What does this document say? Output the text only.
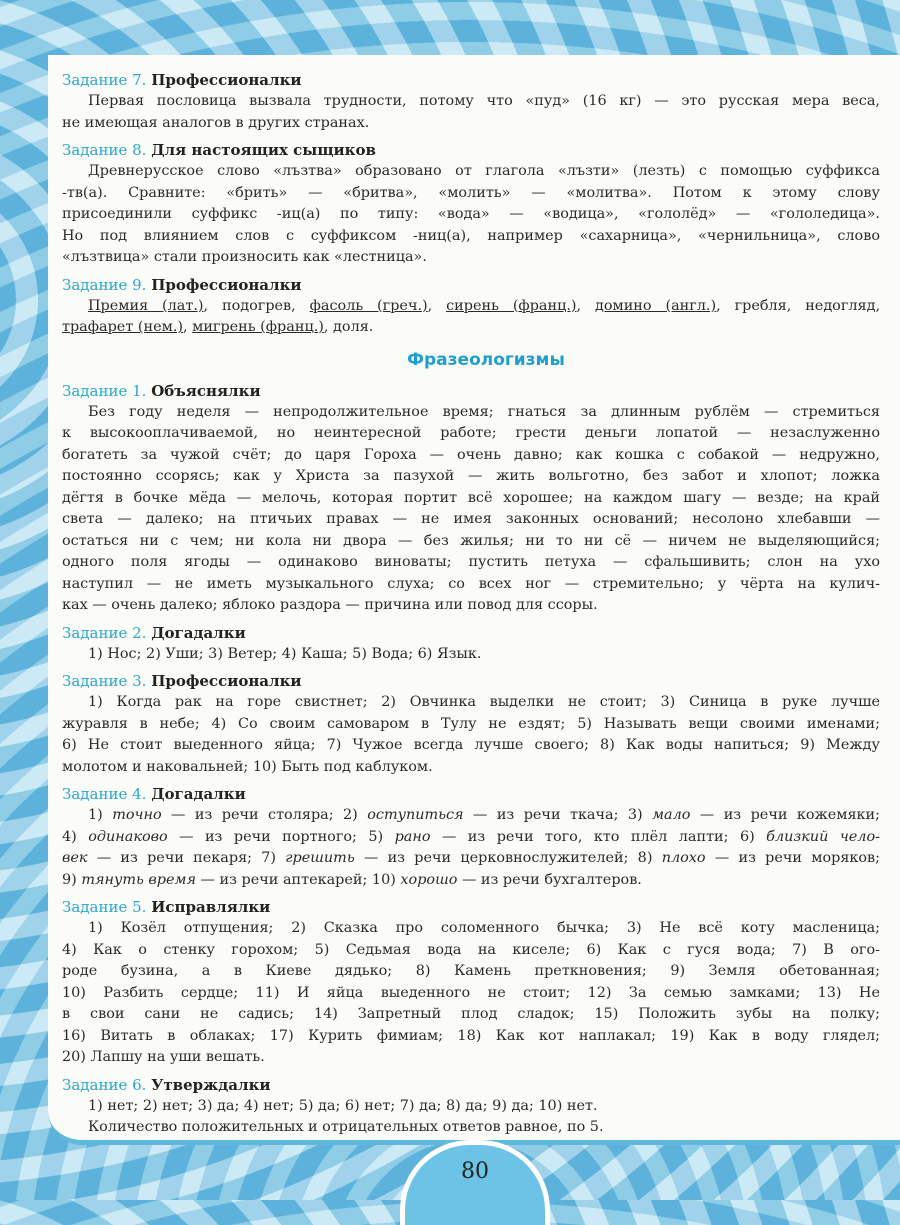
Задание 7. Профессионалки
Первая пословица вызвала трудности, потому что «пуд» (16 кг) — это русская мера веса,
не имеющая аналогов в других странах.
Задание 8. Для настоящих сыщиков
Древнерусское слово «лъзтва» образовано от глагола «лъзти» (лезть) с помощью суффикса
-тв(а). Сравните: «брить» — «бритва», «молить» — «молитва». Потом к этому слову
присоединили суффикс -иц(а) по типу: «вода» — «водица», «гололёд» — «гололедица».
Но под влиянием слов с суффиксом -ниц(а), например «сахарница», «чернильница», слово
«лъзтвица» стали произносить как «лестница».
Задание 9. Профессионалки
Премия (лат.), подогрев, фасоль (греч.), сирень (франц.), домино (англ.), гребля, недогляд,
трафарет (нем.), мигрень (франц.), доля.
Фразеологизмы
Задание 1. Объяснялки
Без году неделя — непродолжительное время; гнаться за длинным рублём — стремиться
к высокооплачиваемой, но неинтересной работе; грести деньги лопатой — незаслуженно
богатеть за чужой счёт; до царя Гороха — очень давно; как кошка с собакой — недружно,
постоянно ссорясь; как у Христа за пазухой — жить вольготно, без забот и хлопот; ложка
дёгтя в бочке мёда — мелочь, которая портит всё хорошее; на каждом шагу — везде; на край
света — далеко; на птичьих правах — не имея законных оснований; несолоно хлебавши —
остаться ни с чем; ни кола ни двора — без жилья; ни то ни сё — ничем не выделяющийся;
одного поля ягоды — одинаково виноваты; пустить петуха — сфальшивить; слон на ухо
наступил — не иметь музыкального слуха; со всех ног — стремительно; у чёрта на кулич-
ках — очень далеко; яблоко раздора — причина или повод для ссоры.
Задание 2. Догадалки
1) Нос; 2) Уши; 3) Ветер; 4) Каша; 5) Вода; 6) Язык.
Задание 3. Профессионалки
1) Когда рак на горе свистнет; 2) Овчинка выделки не стоит; 3) Синица в руке лучше
журавля в небе; 4) Со своим самоваром в Тулу не ездят; 5) Называть вещи своими именами;
6) Не стоит выеденного яйца; 7) Чужое всегда лучше своего; 8) Как воды напиться; 9) Между
молотом и наковальней; 10) Быть под каблуком.
Задание 4. Догадалки
1) точно — из речи столяра; 2) оступиться — из речи ткача; 3) мало — из речи кожемяки;
4) одинаково — из речи портного; 5) рано — из речи того, кто плёл лапти; 6) близкий чело-
век — из речи пекаря; 7) грешить — из речи церковнослужителей; 8) плохо — из речи моряков;
9) тянуть время — из речи аптекарей; 10) хорошо — из речи бухгалтеров.
Задание 5. Исправлялки
1) Козёл отпущения; 2) Сказка про соломенного бычка; 3) Не всё коту масленица;
4) Как о стенку горохом; 5) Седьмая вода на киселе; 6) Как с гуся вода; 7) В ого-
роде бузина, а в Киеве дядько; 8) Камень преткновения; 9) Земля обетованная;
10) Разбить сердце; 11) И яйца выеденного не стоит; 12) За семью замками; 13) Не
в свои сани не садись; 14) Запретный плод сладок; 15) Положить зубы на полку;
16) Витать в облаках; 17) Курить фимиам; 18) Как кот наплакал; 19) Как в воду глядел;
20) Лапшу на уши вешать.
Задание 6. Утверждалки
1) нет; 2) нет; 3) да; 4) нет; 5) да; 6) нет; 7) да; 8) да; 9) да; 10) нет.
Количество положительных и отрицательных ответов равное, по 5.
80
